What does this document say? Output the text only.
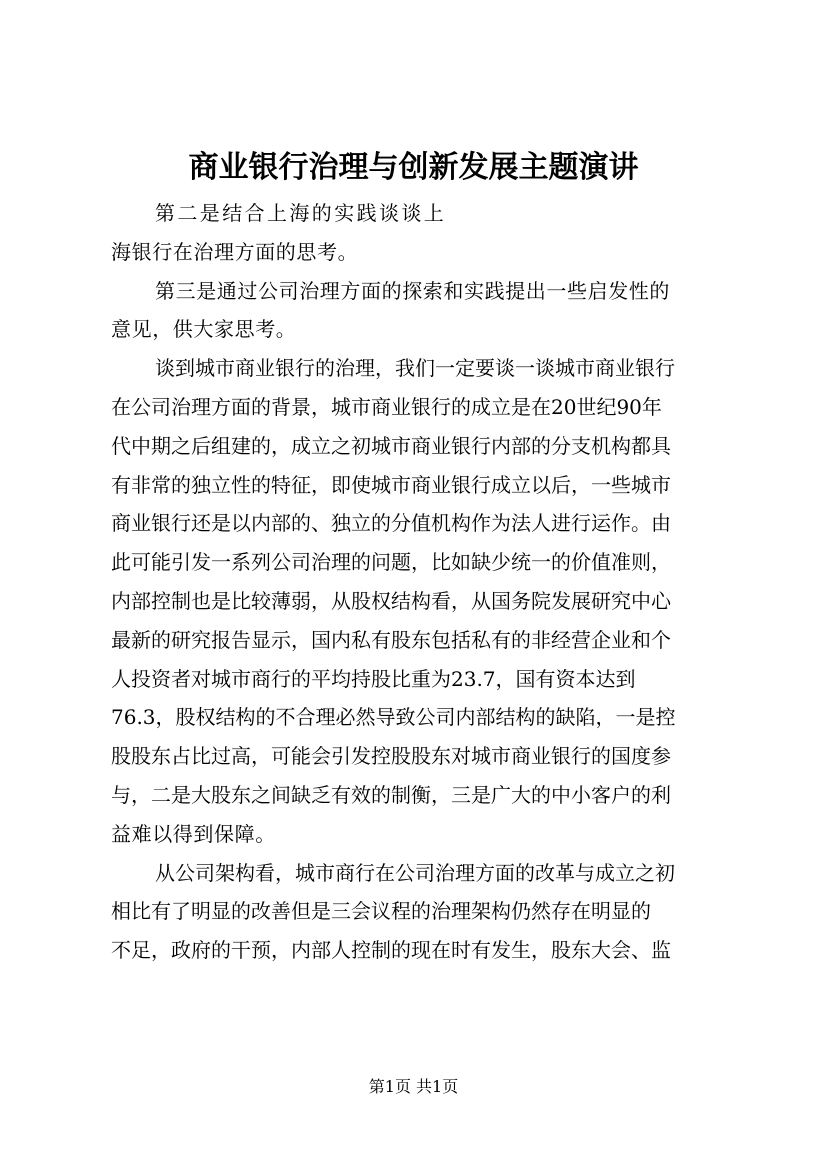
商业银行治理与创新发展主题演讲
第二是结合上海的实践谈谈上
海银行在治理方面的思考。
第三是通过公司治理方面的探索和实践提出一些启发性的
意见，供大家思考。
谈到城市商业银行的治理，我们一定要谈一谈城市商业银行
在公司治理方面的背景，城市商业银行的成立是在20世纪90年
代中期之后组建的，成立之初城市商业银行内部的分支机构都具
有非常的独立性的特征，即使城市商业银行成立以后，一些城市
商业银行还是以内部的、独立的分值机构作为法人进行运作。由
此可能引发一系列公司治理的问题，比如缺少统一的价值准则，
内部控制也是比较薄弱，从股权结构看，从国务院发展研究中心
最新的研究报告显示，国内私有股东包括私有的非经营企业和个
人投资者对城市商行的平均持股比重为23.7，国有资本达到
76.3，股权结构的不合理必然导致公司内部结构的缺陷，一是控
股股东占比过高，可能会引发控股股东对城市商业银行的国度参
与，二是大股东之间缺乏有效的制衡，三是广大的中小客户的利
益难以得到保障。
从公司架构看，城市商行在公司治理方面的改革与成立之初
相比有了明显的改善但是三会议程的治理架构仍然存在明显的
不足，政府的干预，内部人控制的现在时有发生，股东大会、监
第1页 共1页
